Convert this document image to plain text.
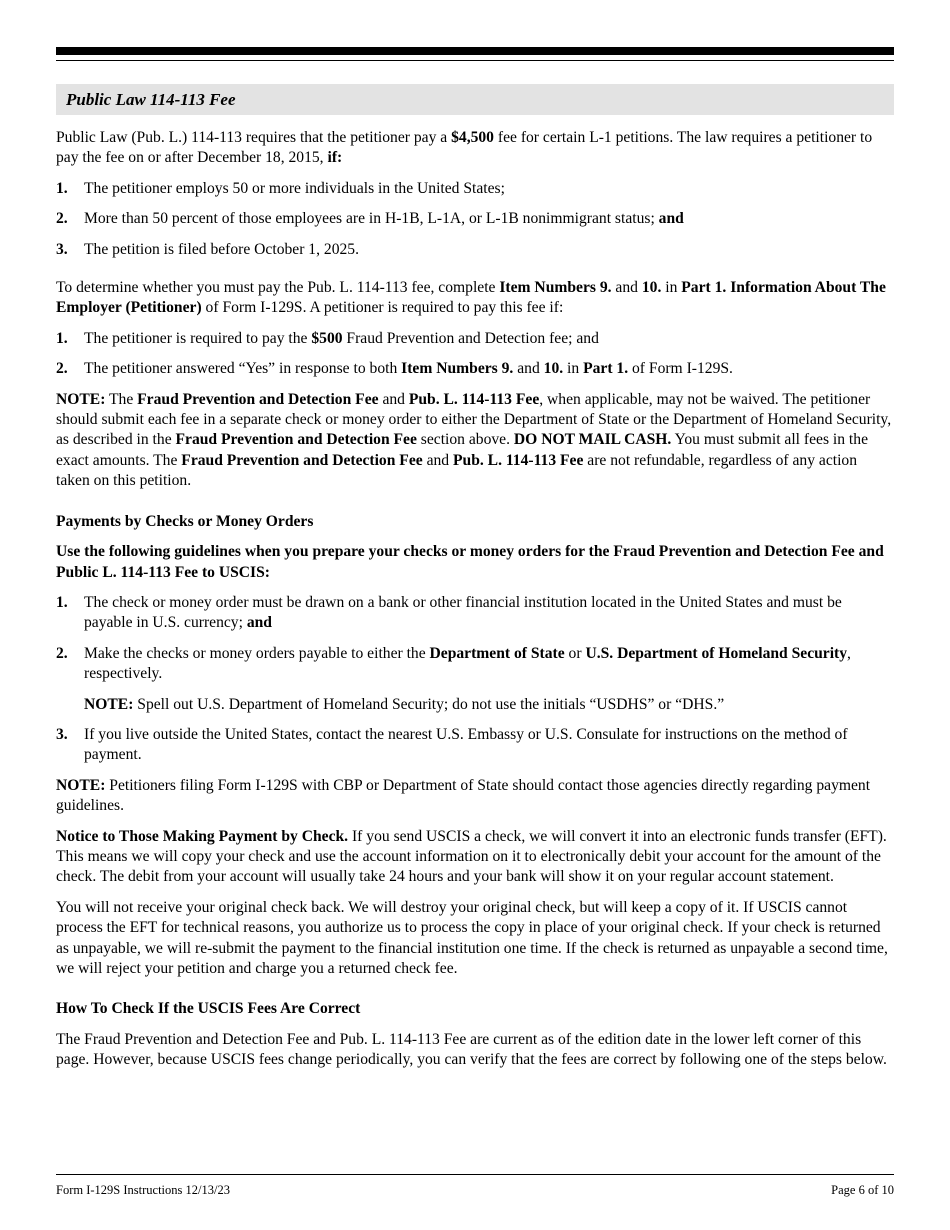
Public Law 114-113 Fee

Public Law (Pub. L.) 114-113 requires that the petitioner pay a $4,500 fee for certain L-1 petitions. The law requires a petitioner to pay the fee on or after December 18, 2015, if:

1.	The petitioner employs 50 or more individuals in the United States;
2.	More than 50 percent of those employees are in H-1B, L-1A, or L-1B nonimmigrant status; and
3.	The petition is filed before October 1, 2025.

To determine whether you must pay the Pub. L. 114-113 fee, complete Item Numbers 9. and 10. in Part 1. Information About The Employer (Petitioner) of Form I-129S. A petitioner is required to pay this fee if:

1.	The petitioner is required to pay the $500 Fraud Prevention and Detection fee; and
2.	The petitioner answered “Yes” in response to both Item Numbers 9. and 10. in Part 1. of Form I-129S.

NOTE: The Fraud Prevention and Detection Fee and Pub. L. 114-113 Fee, when applicable, may not be waived. The petitioner should submit each fee in a separate check or money order to either the Department of State or the Department of Homeland Security, as described in the Fraud Prevention and Detection Fee section above. DO NOT MAIL CASH. You must submit all fees in the exact amounts. The Fraud Prevention and Detection Fee and Pub. L. 114-113 Fee are not refundable, regardless of any action taken on this petition.

Payments by Checks or Money Orders

Use the following guidelines when you prepare your checks or money orders for the Fraud Prevention and Detection Fee and Public L. 114-113 Fee to USCIS:

1.	The check or money order must be drawn on a bank or other financial institution located in the United States and must be payable in U.S. currency; and
2.	Make the checks or money orders payable to either the Department of State or U.S. Department of Homeland Security, respectively.

NOTE: Spell out U.S. Department of Homeland Security; do not use the initials “USDHS” or “DHS.”

3.	If you live outside the United States, contact the nearest U.S. Embassy or U.S. Consulate for instructions on the method of payment.

NOTE: Petitioners filing Form I-129S with CBP or Department of State should contact those agencies directly regarding payment guidelines.

Notice to Those Making Payment by Check. If you send USCIS a check, we will convert it into an electronic funds transfer (EFT). This means we will copy your check and use the account information on it to electronically debit your account for the amount of the check. The debit from your account will usually take 24 hours and your bank will show it on your regular account statement.

You will not receive your original check back. We will destroy your original check, but will keep a copy of it. If USCIS cannot process the EFT for technical reasons, you authorize us to process the copy in place of your original check. If your check is returned as unpayable, we will re-submit the payment to the financial institution one time. If the check is returned as unpayable a second time, we will reject your petition and charge you a returned check fee.

How To Check If the USCIS Fees Are Correct

The Fraud Prevention and Detection Fee and Pub. L. 114-113 Fee are current as of the edition date in the lower left corner of this page. However, because USCIS fees change periodically, you can verify that the fees are correct by following one of the steps below.

Form I-129S Instructions 12/13/23	Page 6 of 10
